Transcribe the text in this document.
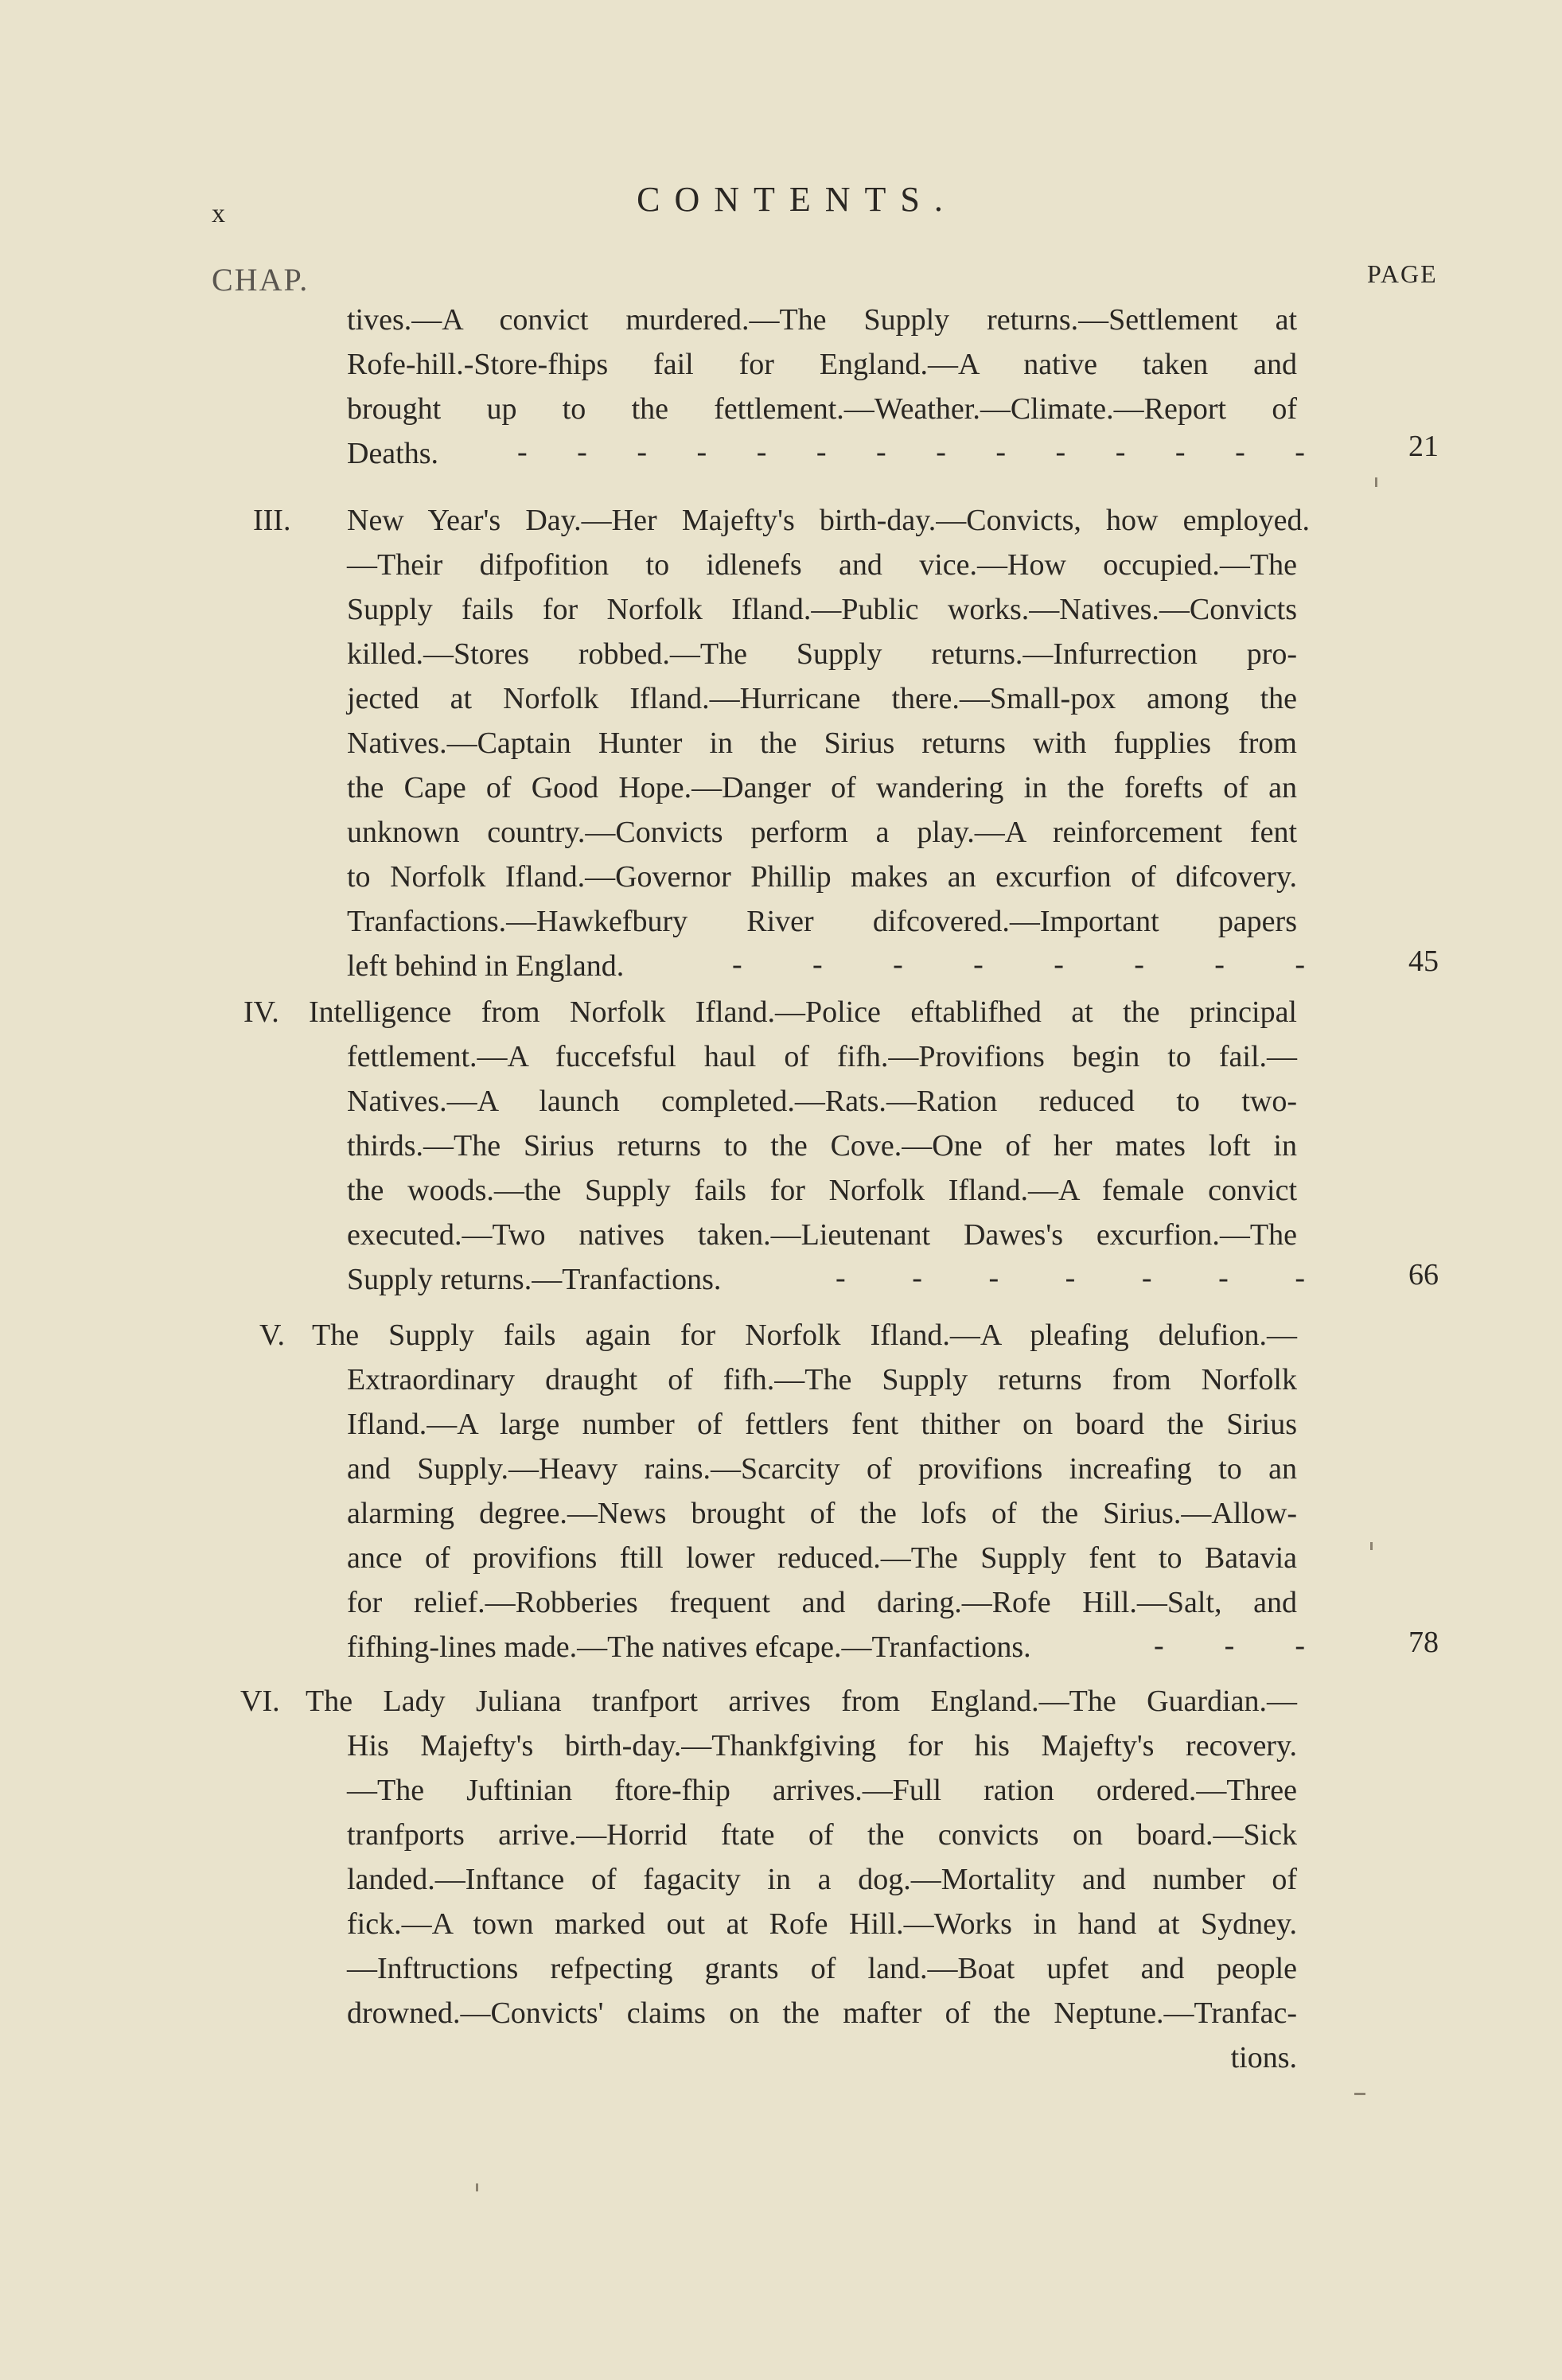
x	CONTENTS.
CHAP.	PAGE
tives.—A convict murdered.—The Supply returns.—Settlement at
Rofe-hill.-Store-fhips fail for England.—A native taken and
brought up to the fettlement.—Weather.—Climate.—Report of
Deaths.	- - - - - - - - - - - - - -	21
III. New Year's Day.—Her Majefty's birth-day.—Convicts, how employed.
—Their difpofition to idlenefs and vice.—How occupied.—The
Supply fails for Norfolk Ifland.—Public works.—Natives.—Convicts
killed.—Stores robbed.—The Supply returns.—Infurrection pro-
jected at Norfolk Ifland.—Hurricane there.—Small-pox among the
Natives.—Captain Hunter in the Sirius returns with fupplies from
the Cape of Good Hope.—Danger of wandering in the forefts of an
unknown country.—Convicts perform a play.—A reinforcement fent
to Norfolk Ifland.—Governor Phillip makes an excurfion of difcovery.
Tranfactions.—Hawkefbury River difcovered.—Important papers
left behind in England.	- - - - - - - -	45
IV. Intelligence from Norfolk Ifland.—Police eftablifhed at the principal
fettlement.—A fuccefsful haul of fifh.—Provifions begin to fail.—
Natives.—A launch completed.—Rats.—Ration reduced to two-
thirds.—The Sirius returns to the Cove.—One of her mates loft in
the woods.—the Supply fails for Norfolk Ifland.—A female convict
executed.—Two natives taken.—Lieutenant Dawes's excurfion.—The
Supply returns.—Tranfactions.	- - - - - - -	66
V. The Supply fails again for Norfolk Ifland.—A pleafing delufion.—
Extraordinary draught of fifh.—The Supply returns from Norfolk
Ifland.—A large number of fettlers fent thither on board the Sirius
and Supply.—Heavy rains.—Scarcity of provifions increafing to an
alarming degree.—News brought of the lofs of the Sirius.—Allow-
ance of provifions ftill lower reduced.—The Supply fent to Batavia
for relief.—Robberies frequent and daring.—Rofe Hill.—Salt, and
fifhing-lines made.—The natives efcape.—Tranfactions.	- - -	78
VI. The Lady Juliana tranfport arrives from England.—The Guardian.—
His Majefty's birth-day.—Thankfgiving for his Majefty's recovery.
—The Juftinian ftore-fhip arrives.—Full ration ordered.—Three
tranfports arrive.—Horrid ftate of the convicts on board.—Sick
landed.—Inftance of fagacity in a dog.—Mortality and number of
fick.—A town marked out at Rofe Hill.—Works in hand at Sydney.
—Inftructions refpecting grants of land.—Boat upfet and people
drowned.—Convicts' claims on the mafter of the Neptune.—Tranfac-
tions.
